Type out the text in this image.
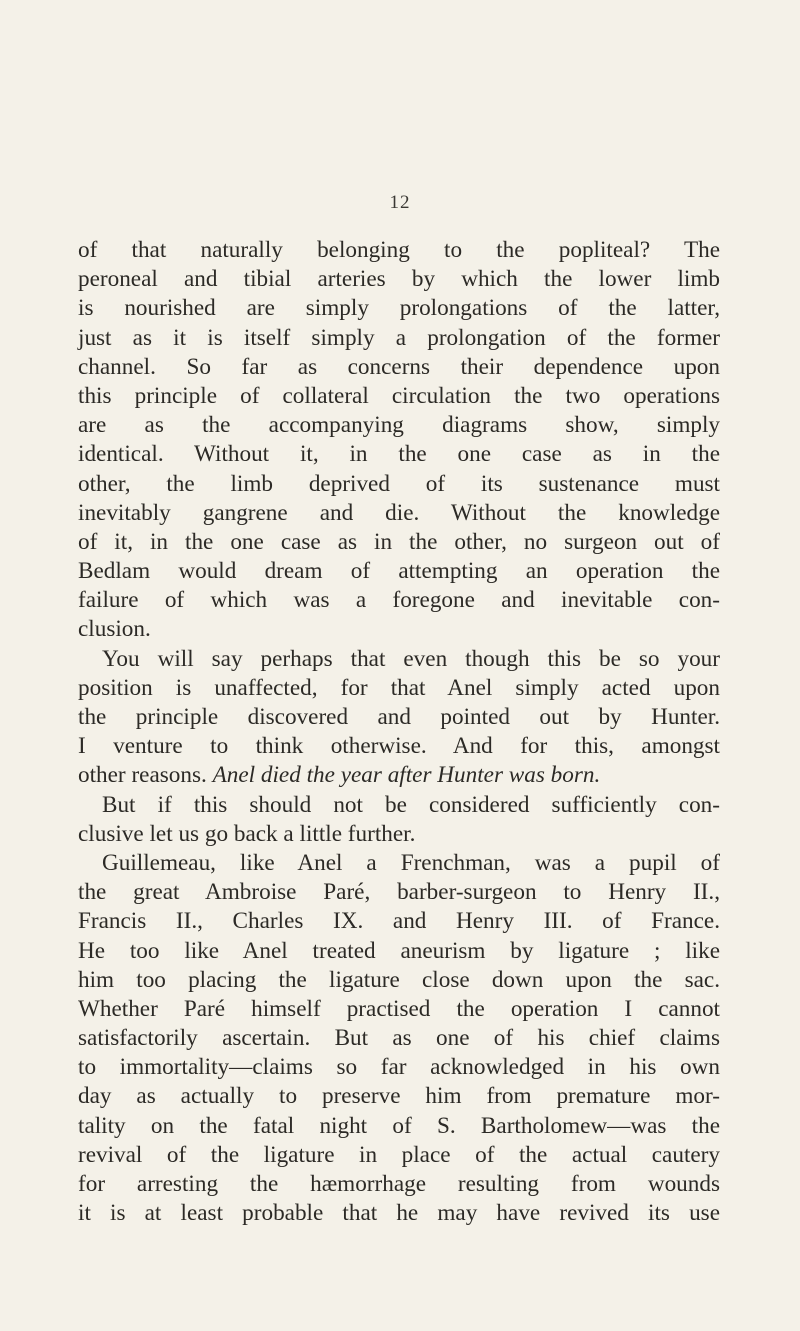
12
of that naturally belonging to the popliteal? The
peroneal and tibial arteries by which the lower limb
is nourished are simply prolongations of the latter,
just as it is itself simply a prolongation of the former
channel. So far as concerns their dependence upon
this principle of collateral circulation the two operations
are as the accompanying diagrams show, simply
identical. Without it, in the one case as in the
other, the limb deprived of its sustenance must
inevitably gangrene and die. Without the knowledge
of it, in the one case as in the other, no surgeon out of
Bedlam would dream of attempting an operation the
failure of which was a foregone and inevitable con-
clusion.
You will say perhaps that even though this be so your
position is unaffected, for that Anel simply acted upon
the principle discovered and pointed out by Hunter.
I venture to think otherwise. And for this, amongst
other reasons. Anel died the year after Hunter was born.
But if this should not be considered sufficiently con-
clusive let us go back a little further.
Guillemeau, like Anel a Frenchman, was a pupil of
the great Ambroise Paré, barber-surgeon to Henry II.,
Francis II., Charles IX. and Henry III. of France.
He too like Anel treated aneurism by ligature ; like
him too placing the ligature close down upon the sac.
Whether Paré himself practised the operation I cannot
satisfactorily ascertain. But as one of his chief claims
to immortality—claims so far acknowledged in his own
day as actually to preserve him from premature mor-
tality on the fatal night of S. Bartholomew—was the
revival of the ligature in place of the actual cautery
for arresting the hæmorrhage resulting from wounds
it is at least probable that he may have revived its use
